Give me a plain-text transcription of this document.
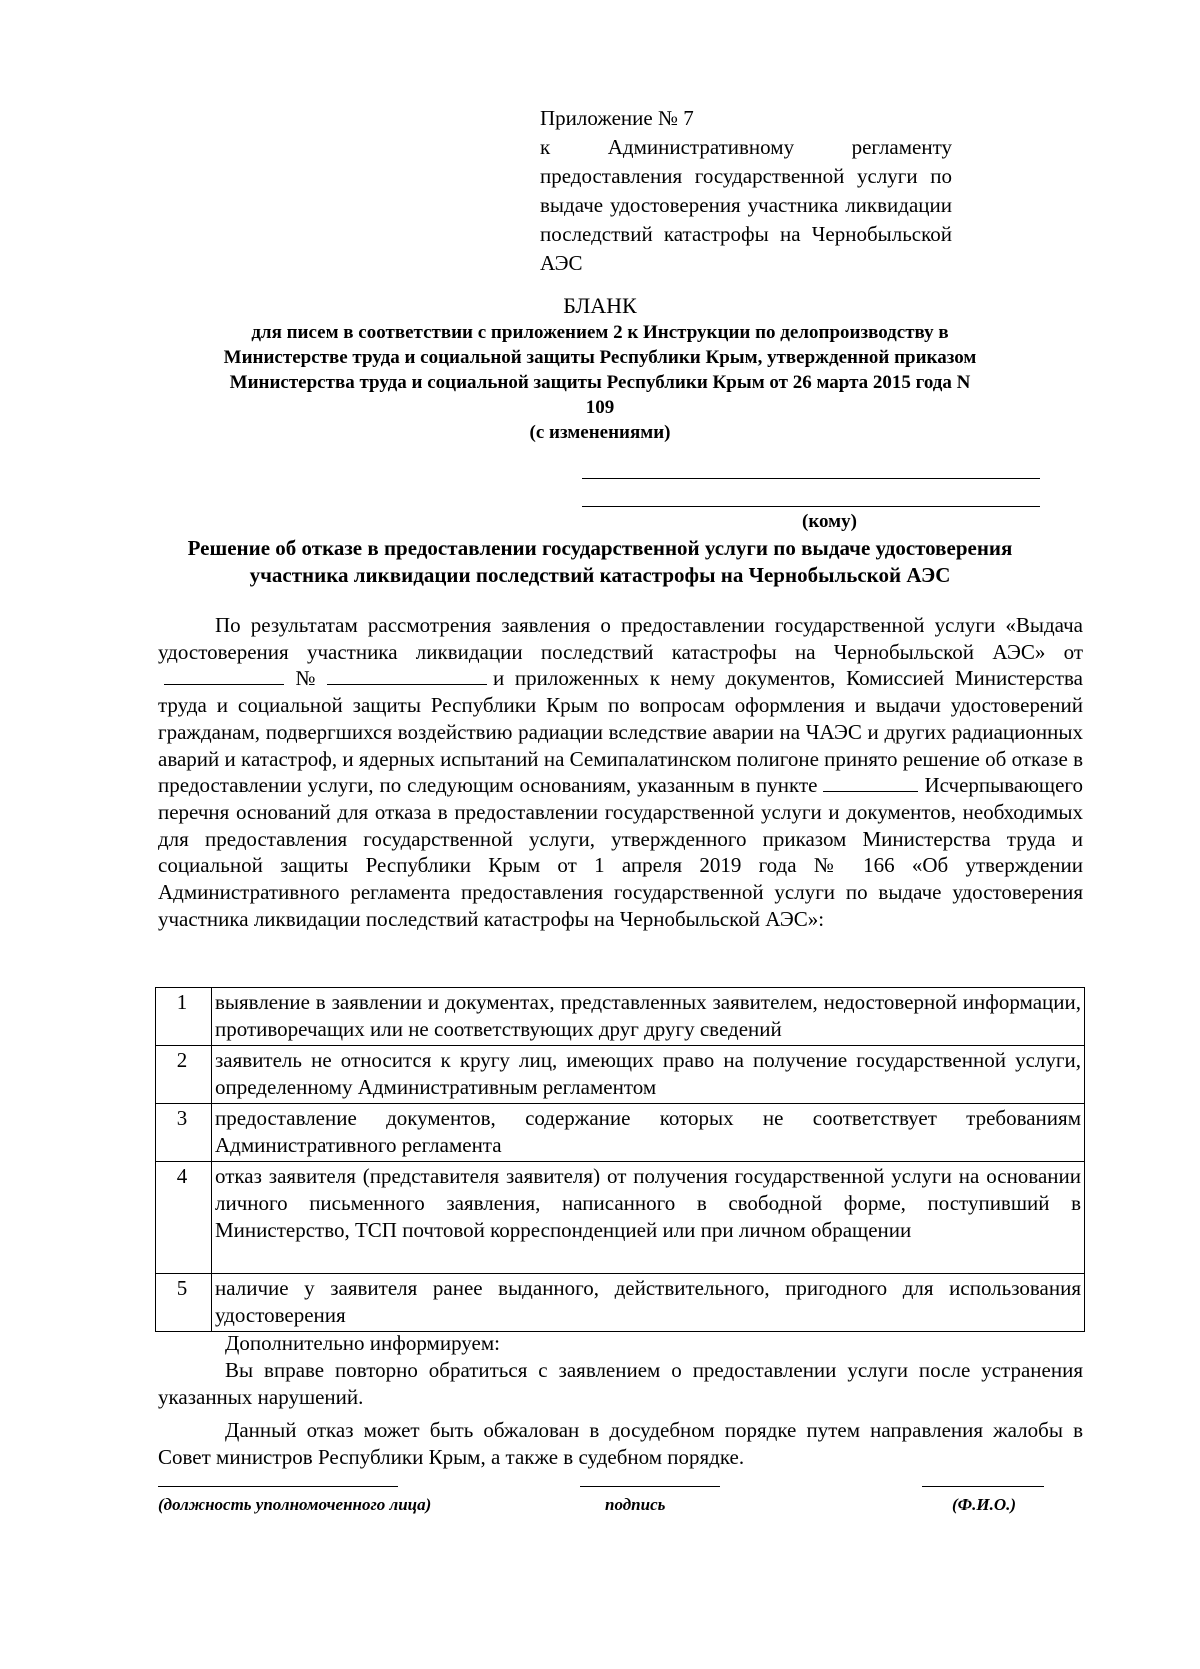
Приложение № 7
к Административному регламенту предоставления государственной услуги по выдаче удостоверения участника ликвидации последствий катастрофы на Чернобыльской АЭС
БЛАНК
для писем в соответствии с приложением 2 к Инструкции по делопроизводству в
Министерстве труда и социальной защиты Республики Крым, утвержденной приказом
Министерства труда и социальной защиты Республики Крым от 26 марта 2015 года N
109
(с изменениями)
(кому)
Решение об отказе в предоставлении государственной услуги по выдаче удостоверения
участника ликвидации последствий катастрофы на Чернобыльской АЭС
По результатам рассмотрения заявления о предоставлении государственной услуги «Выдача удостоверения участника ликвидации последствий катастрофы на Чернобыльской АЭС» от№	и приложенных к нему документов, Комиссией Министерства труда и социальной защиты Республики Крым по вопросам оформления и выдачи удостоверений гражданам, подвергшихся воздействию радиации вследствие аварии на ЧАЭС и других радиационных аварий и катастроф, и ядерных испытаний на Семипалатинском полигоне принято решение об отказе в предоставлении услуги, по следующим основаниям, указанным в пункте	Исчерпывающего перечня оснований для отказа в предоставлении государственной услуги и документов, необходимых для предоставления государственной услуги, утвержденного приказом Министерства труда и социальной защиты Республики Крым от 1 апреля 2019 года № 166 «Об утверждении Административного регламента предоставления государственной услуги по выдаче удостоверения участника ликвидации последствий катастрофы на Чернобыльской АЭС»:
1	выявление в заявлении и документах, представленных заявителем, недостоверной информации, противоречащих или не соответствующих друг другу сведений
2	заявитель не относится к кругу лиц, имеющих право на получение государственной услуги, определенному Административным регламентом
3	предоставление документов, содержание которых не соответствует требованиям Административного регламента
4	отказ заявителя (представителя заявителя) от получения государственной услуги на основании личного письменного заявления, написанного в свободной форме, поступивший в Министерство, ТСП почтовой корреспонденцией или при личном обращении
5	наличие у заявителя ранее выданного, действительного, пригодного для использования удостоверения
Дополнительно информируем:
Вы вправе повторно обратиться с заявлением о предоставлении услуги после устранения указанных нарушений.
Данный отказ может быть обжалован в досудебном порядке путем направления жалобы в Совет министров Республики Крым, а также в судебном порядке.
(должность уполномоченного лица)	подпись	(Ф.И.О.)
